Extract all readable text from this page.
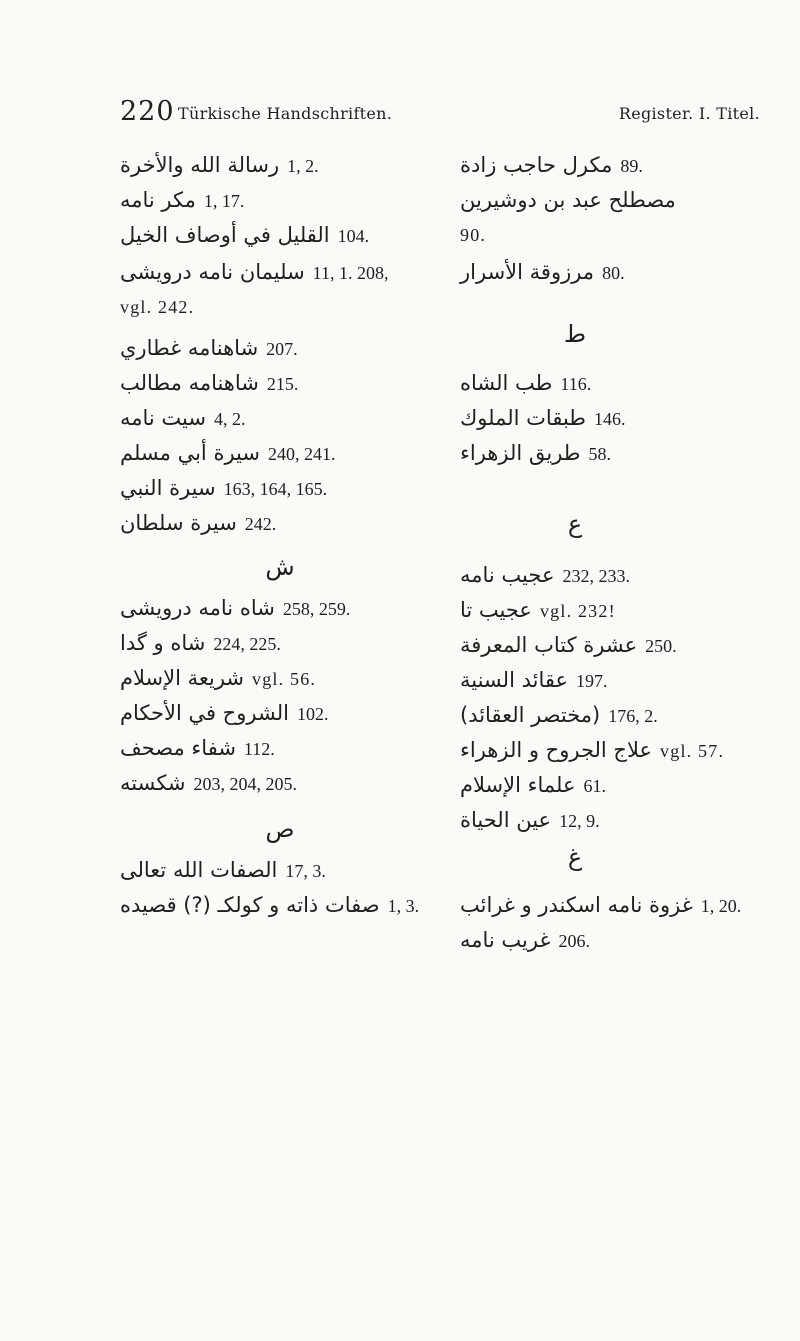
220 Türkische Handschriften.	Register. I. Titel.
رسالة الله والأخرة 1, 2.
مكر نامه 1, 17.
القليل في أوصاف الخيل 104.
سليمان نامه درويشى 11, 1. 208,
vgl. 242.
شاهنامه غطاري 207.
شاهنامه مطالب 215.
سيت نامه 4, 2.
سيرة أبي مسلم 240, 241.
سيرة النبي 163, 164, 165.
سيرة سلطان 242.
شاه نامه درويشى 258, 259.
شاه و گدا 224, 225.
شريعة الإسلام vgl. 56.
الشروح في الأحكام 102.
شفاء مصحف 112.
شكسته 203, 204, 205.
الصفات الله تعالى 17, 3.
صفات ذاته و كولكـ (?) قصيده 1, 3.
ش
ص
مكرل حاجب زادة 89.
مصطلح عبد بن دوشيرين
90.
مرزوقة الأسرار 80.
طب الشاه 116.
طبقات الملوك 146.
طريق الزهراء 58.
عجيب نامه 232, 233.
عجيب تا vgl. 232!
عشرة كتاب المعرفة 250.
عقائد السنية 197.
(مختصر العقائد) 176, 2.
علاج الجروح و الزهراء vgl. 57.
علماء الإسلام 61.
عين الحياة 12, 9.
غزوة نامه اسكندر و غرائب 1, 20.
غريب نامه 206.
ط
ع
غ
